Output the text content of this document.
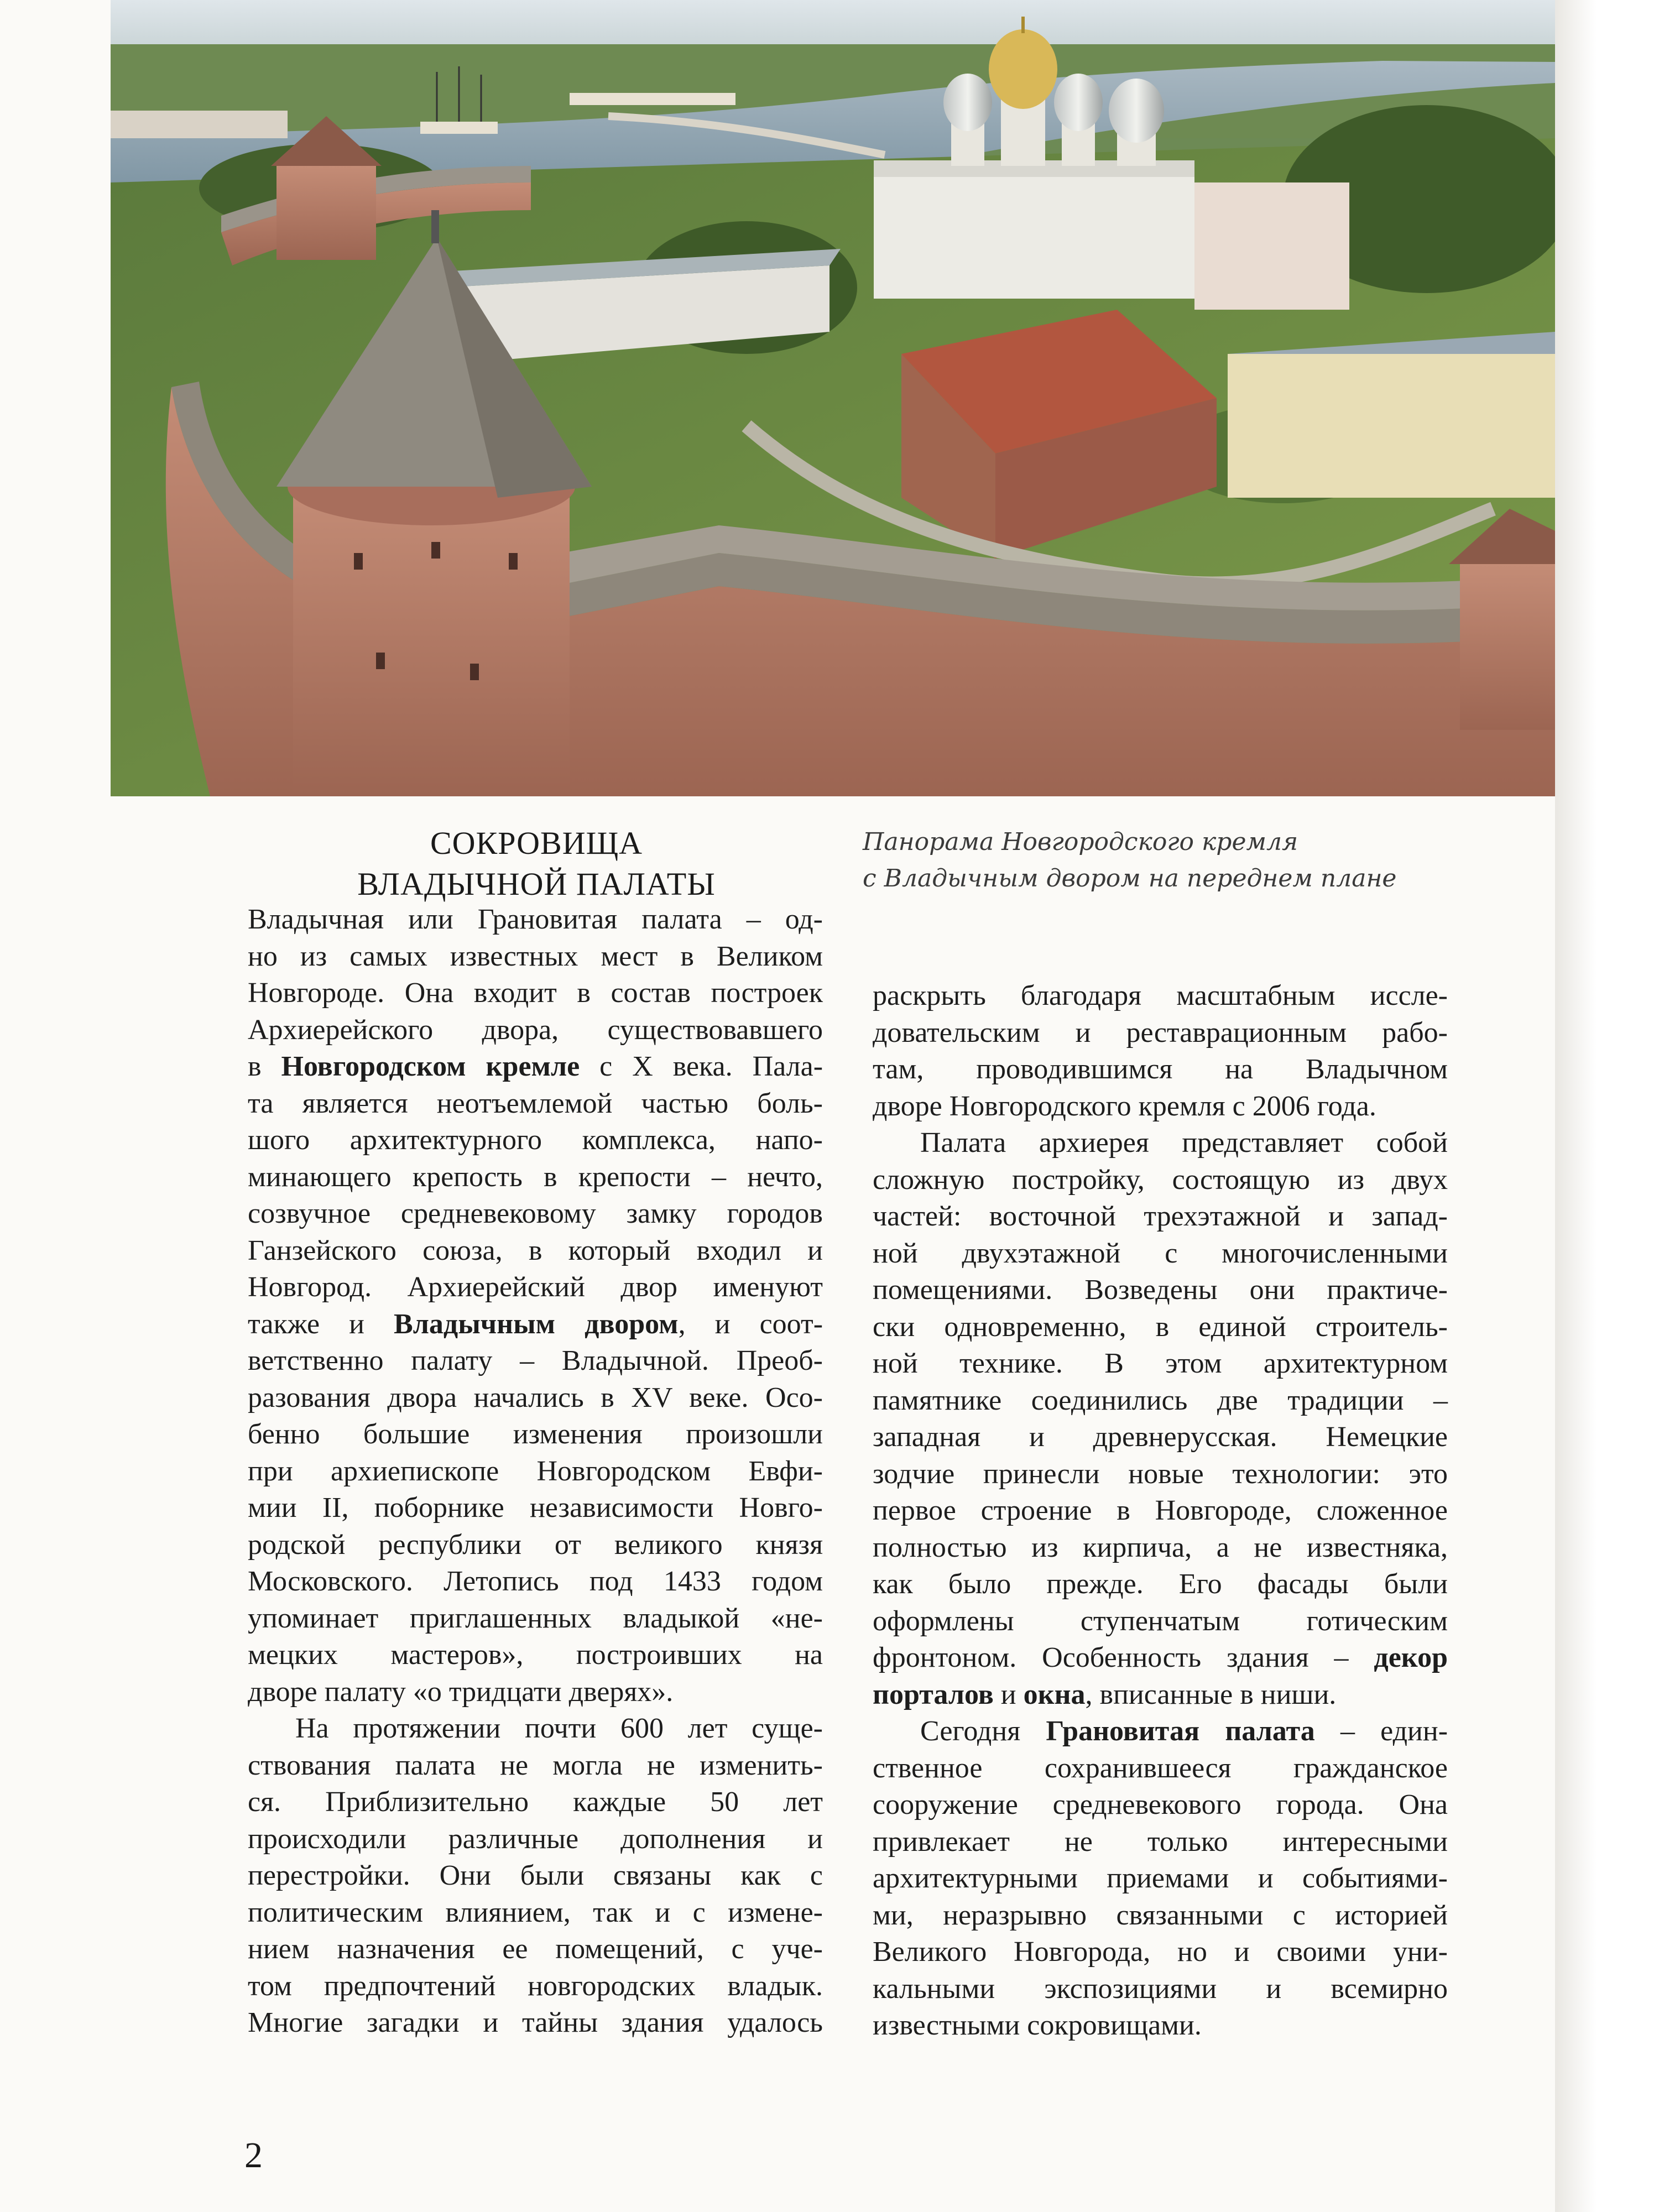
СОКРОВИЩА
ВЛАДЫЧНОЙ ПАЛАТЫ
Панорама Новгородского кремля
с Владычным двором на переднем плане

Владычная или Грановитая палата – од-
но из самых известных мест в Великом
Новгороде. Она входит в состав построек
Архиерейского двора, существовавшего
в Новгородском кремле с X века. Пала-
та является неотъемлемой частью боль-
шого архитектурного комплекса, напо-
минающего крепость в крепости – нечто,
созвучное средневековому замку городов
Ганзейского союза, в который входил и
Новгород. Архиерейский двор именуют
также и Владычным двором, и соот-
ветственно палату – Владычной. Преоб-
разования двора начались в XV веке. Осо-
бенно большие изменения произошли
при архиепископе Новгородском Евфи-
мии II, поборнике независимости Новго-
родской республики от великого князя
Московского. Летопись под 1433 годом
упоминает приглашенных владыкой «не-
мецких мастеров», построивших на
дворе палату «о тридцати дверях».

На протяжении почти 600 лет суще-
ствования палата не могла не изменить-
ся. Приблизительно каждые 50 лет
происходили различные дополнения и
перестройки. Они были связаны как с
политическим влиянием, так и с измене-
нием назначения ее помещений, с уче-
том предпочтений новгородских владык.
Многие загадки и тайны здания удалось

раскрыть благодаря масштабным иссле-
довательским и реставрационным рабо-
там, проводившимся на Владычном
дворе Новгородского кремля с 2006 года.

Палата архиерея представляет собой
сложную постройку, состоящую из двух
частей: восточной трехэтажной и запад-
ной двухэтажной с многочисленными
помещениями. Возведены они практиче-
ски одновременно, в единой строитель-
ной технике. В этом архитектурном
памятнике соединились две традиции –
западная и древнерусская. Немецкие
зодчие принесли новые технологии: это
первое строение в Новгороде, сложенное
полностью из кирпича, а не известняка,
как было прежде. Его фасады были
оформлены ступенчатым готическим
фронтоном. Особенность здания – декор
порталов и окна, вписанные в ниши.

Сегодня Грановитая палата – един-
ственное сохранившееся гражданское
сооружение средневекового города. Она
привлекает не только интересными
архитектурными приемами и событиями-
ми, неразрывно связанными с историей
Великого Новгорода, но и своими уни-
кальными экспозициями и всемирно
известными сокровищами.

2
